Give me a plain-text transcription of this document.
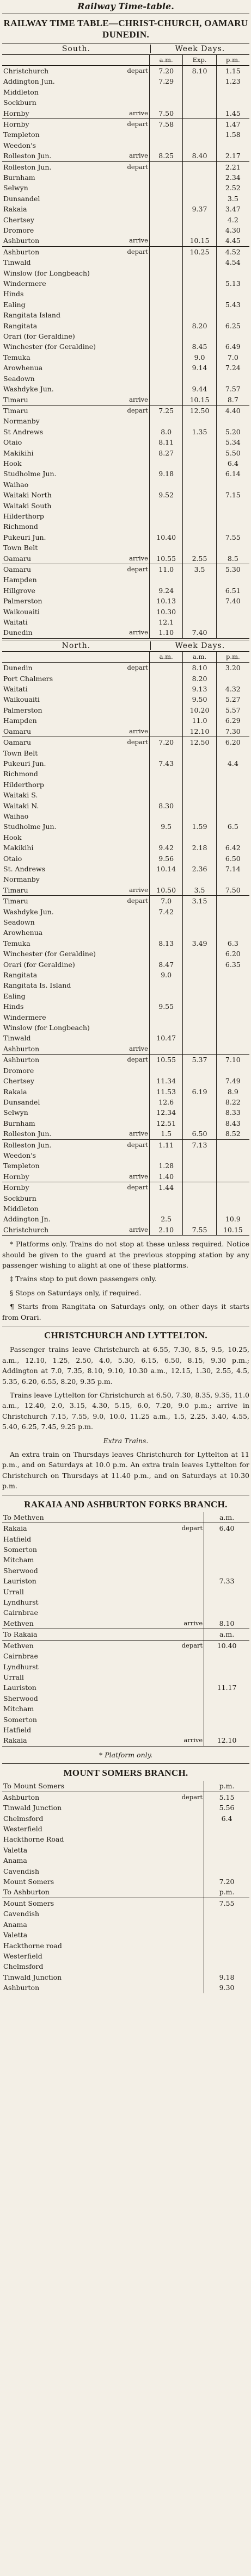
Railway Time-table.
RAILWAY TIME TABLE—CHRIST-CHURCH, OAMARU DUNEDIN.
South.	Week Days.
	a.m.	Exp.	p.m.
Christchurch depart	7.20	8.10	1.15
Addington Jun.	7.29		1.23
Middleton			
Sockburn			
Hornby arrive	7.50		1.45
Hornby depart	7.58		1.47
Templeton			1.58
Weedon's			
Rolleston Jun. arrive	8.25	8.40	2.17
Rolleston Jun. depart			2.21
Burnham			2.34
Selwyn			2.52
Dunsandel			3.5
Rakaia		9.37	3.47
Chertsey			4.2
Dromore			4.30
Ashburton arrive		10.15	4.45
Ashburton depart		10.25	4.52
Tinwald			4.54
Winslow (for Longbeach)			
Windermere			5.13
Hinds			
Ealing			5.43
Rangitata Island			
Rangitata		8.20	6.25
Orari (for Geraldine)			
Winchester (for Geraldine)		8.45	6.49
Temuka		9.0	7.0
Arowhenua		9.14	7.24
Seadown			
Washdyke Jun.		9.44	7.57
Timaru arrive		10.15	8.7
Timaru depart	7.25	12.50	4.40
Normanby			
St Andrews	8.0	1.35	5.20
Otaio	8.11		5.34
Makikihi	8.27		5.50
Hook			6.4
Studholme Jun.	9.18		6.14
Waihao			
Waitaki North	9.52		7.15
Waitaki South			
Hilderthorp			
Richmond			
Pukeuri Jun.	10.40		7.55
Town Belt			
Oamaru arrive	10.55	2.55	8.5
Oamaru depart	11.0	3.5	5.30
Hampden			
Hillgrove	9.24		6.51
Palmerston	10.13		7.40
Waikouaiti	10.30		
Waitati	12.1		
Dunedin arrive	1.10	7.40	
North.	Week Days.
	a.m.	a.m.	p.m.
Dunedin depart		8.10	3.20
Port Chalmers		8.20	
Waitati		9.13	4.32
Waikouaiti		9.50	5.27
Palmerston		10.20	5.57
Hampden		11.0	6.29
Oamaru arrive		12.10	7.30
Oamaru depart	7.20	12.50	6.20
Town Belt			
Pukeuri Jun.	7.43		4.4
Richmond			
Hilderthorp			
Waitaki S.			
Waitaki N.	8.30		
Waihao			
Studholme Jun.	9.5	1.59	6.5
Hook			
Makikihi	9.42	2.18	6.42
Otaio	9.56		6.50
St. Andrews	10.14	2.36	7.14
Normanby			
Timaru arrive	10.50	3.5	7.50
Timaru depart	7.0	3.15	
Washdyke Jun.	7.42		
Seadown			
Arowhenua			
Temuka	8.13	3.49	6.3
Winchester (for Geraldine)			6.20
Orari (for Geraldine)	8.47		6.35
Rangitata	9.0		
Rangitata Is. Island			
Ealing			
Hinds	9.55		
Windermere			
Winslow (for Longbeach)			
Tinwald	10.47		
Ashburton arrive			

Ashburton depart	10.55	5.37	7.10
Dromore			
Chertsey	11.34		7.49
Rakaia	11.53	6.19	8.9
Dunsandel	12.6		8.22
Selwyn	12.34		8.33
Burnham	12.51		8.43
Rolleston Jun. arrive	1.5	6.50	8.52
Rolleston Jun. depart	1.11	7.13	
Weedon's			
Templeton	1.28		
Hornby arrive	1.40		
Hornby depart	1.44		
Sockburn			
Middleton			
Addington Jn.	2.5		10.9
Christchurch arrive	2.10	7.55	10.15

* Platforms only. Trains do not stop at these unless required. Notice should be given to the guard at the previous stopping station by any passenger wishing to alight at one of these platforms.

‡ Trains stop to put down passengers only.

§ Stops on Saturdays only, if required.

¶ Starts from Rangitata on Saturdays only, on other days it starts from Orari.

CHRISTCHURCH AND LYTTELTON.

Passenger trains leave Christchurch at 6.55, 7.30, 8.5, 9.5, 10.25, a.m., 12.10, 1.25, 2.50, 4.0, 5.30, 6.15, 6.50, 8.15, 9.30 p.m.; Addington at 7.0, 7.35, 8.10, 9.10, 10.30 a.m., 12.15, 1.30, 2.55, 4.5, 5.35, 6.20, 6.55, 8.20, 9.35 p.m.

Trains leave Lyttelton for Christchurch at 6.50, 7.30, 8.35, 9.35, 11.0 a.m., 12.40, 2.0, 3.15, 4.30, 5.15, 6.0, 7.20, 9.0 p.m.; arrive in Christchurch 7.15, 7.55, 9.0, 10.0, 11.25 a.m., 1.5, 2.25, 3.40, 4.55, 5.40, 6.25, 7.45, 9.25 p.m.

Extra Trains.

An extra train on Thursdays leaves Christchurch for Lyttelton at 11 p.m., and on Saturdays at 10.0 p.m. An extra train leaves Lyttelton for Christchurch on Thursdays at 11.40 p.m., and on Saturdays at 10.30 p.m.

RAKAIA AND ASHBURTON FORKS BRANCH.
To Methven	a.m.
Rakaia depart	6.40
Hatfield	
Somerton	
Mitcham	
Sherwood	
Lauriston	7.33
Urrall	
Lyndhurst	
Cairnbrae	
Methven arrive	8.10
To Rakaia	a.m.
Methven depart	10.40
Cairnbrae	
Lyndhurst	
Urrall	
Lauriston	11.17
Sherwood	
Mitcham	
Somerton	
Hatfield	
Rakaia arrive	12.10

* Platform only.

MOUNT SOMERS BRANCH.
To Mount Somers	p.m.
Ashburton depart	5.15
Tinwald Junction	5.56
Chelmsford	6.4
Westerfield	
Hackthorne Road	
Valetta	
Anama	
Cavendish	
Mount Somers	7.20
To Ashburton	p.m.
Mount Somers	7.55
Cavendish	
Anama	
Valetta	
Hackthorne road	
Westerfield	
Chelmsford	
Tinwald Junction	9.18
Ashburton	9.30
